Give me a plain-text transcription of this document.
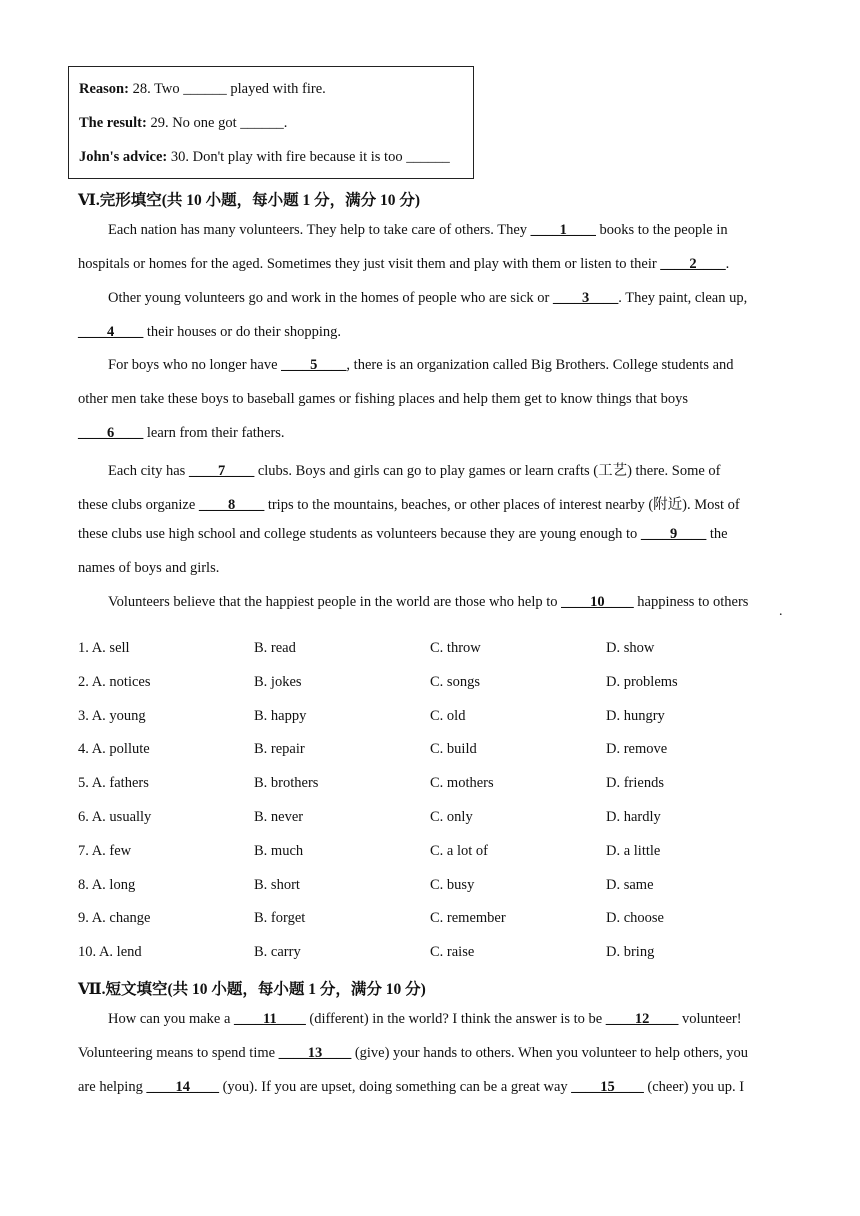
Reason: 28. Two ______ played with fire.
The result: 29. No one got ______.
John's advice: 30. Don't play with fire because it is too ______
Ⅵ.完形填空(共 10 小题，每小题 1 分，满分 10 分)
Each nation has many volunteers. They help to take care of others. They ____1____ books to the people in
hospitals or homes for the aged. Sometimes they just visit them and play with them or listen to their ____2____.
Other young volunteers go and work in the homes of people who are sick or ____3____. They paint, clean up,
____4____ their houses or do their shopping.
For boys who no longer have ____5____, there is an organization called Big Brothers. College students and
other men take these boys to baseball games or fishing places and help them get to know things that boys
____6____ learn from their fathers.
Each city has ____7____ clubs. Boys and girls can go to play games or learn crafts (工艺) there. Some of
these clubs organize ____8____ trips to the mountains, beaches, or other places of interest nearby (附近). Most of
these clubs use high school and college students as volunteers because they are young enough to ____9____ the
names of boys and girls.
Volunteers believe that the happiest people in the world are those who help to ____10____ happiness to others
.
1. A. sell	B. read	C. throw	D. show
2. A. notices	B. jokes	C. songs	D. problems
3. A. young	B. happy	C. old	D. hungry
4. A. pollute	B. repair	C. build	D. remove
5. A. fathers	B. brothers	C. mothers	D. friends
6. A. usually	B. never	C. only	D. hardly
7. A. few	B. much	C. a lot of	D. a little
8. A. long	B. short	C. busy	D. same
9. A. change	B. forget	C. remember	D. choose
10. A. lend	B. carry	C. raise	D. bring
Ⅶ.短文填空(共 10 小题，每小题 1 分，满分 10 分)
How can you make a ____11____ (different) in the world? I think the answer is to be ____12____ volunteer!
Volunteering means to spend time ____13____ (give) your hands to others. When you volunteer to help others, you
are helping ____14____ (you). If you are upset, doing something can be a great way ____15____ (cheer) you up. I
